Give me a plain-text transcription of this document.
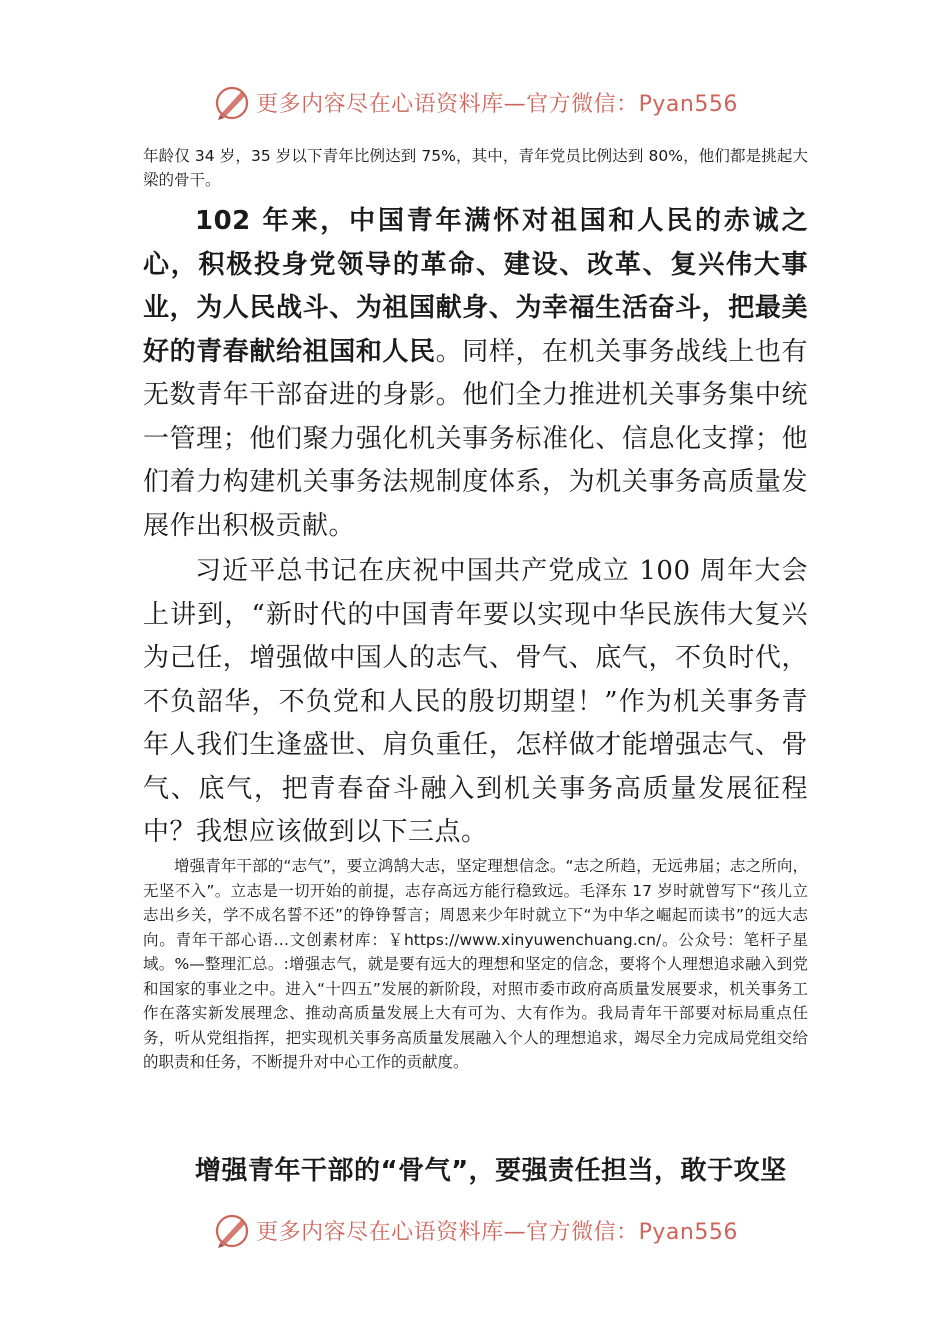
更多内容尽在心语资料库—官方微信：Pyan556

年龄仅 34 岁，35 岁以下青年比例达到 75%，其中，青年党员比例达到 80%，他们都是挑起大梁的骨干。

102 年来，中国青年满怀对祖国和人民的赤诚之心，积极投身党领导的革命、建设、改革、复兴伟大事业，为人民战斗、为祖国献身、为幸福生活奋斗，把最美好的青春献给祖国和人民。同样，在机关事务战线上也有无数青年干部奋进的身影。他们全力推进机关事务集中统一管理；他们聚力强化机关事务标准化、信息化支撑；他们着力构建机关事务法规制度体系，为机关事务高质量发展作出积极贡献。

习近平总书记在庆祝中国共产党成立 100 周年大会上讲到，“新时代的中国青年要以实现中华民族伟大复兴为己任，增强做中国人的志气、骨气、底气，不负时代，不负韶华，不负党和人民的殷切期望！”作为机关事务青年人我们生逢盛世、肩负重任，怎样做才能增强志气、骨气、底气，把青春奋斗融入到机关事务高质量发展征程中？我想应该做到以下三点。

增强青年干部的“志气”，要立鸿鹄大志，坚定理想信念。“志之所趋，无远弗届；志之所向，无坚不入”。立志是一切开始的前提，志存高远方能行稳致远。毛泽东 17 岁时就曾写下“孩儿立志出乡关，学不成名誓不还”的铮铮誓言；周恩来少年时就立下“为中华之崛起而读书”的远大志向。青年干部心语…文创素材库：￥https://www.xinyuwenchuang.cn/。公众号：笔杆子星域。%—整理汇总。:增强志气，就是要有远大的理想和坚定的信念，要将个人理想追求融入到党和国家的事业之中。进入“十四五”发展的新阶段，对照市委市政府高质量发展要求，机关事务工作在落实新发展理念、推动高质量发展上大有可为、大有作为。我局青年干部要对标局重点任务，听从党组指挥，把实现机关事务高质量发展融入个人的理想追求，竭尽全力完成局党组交给的职责和任务，不断提升对中心工作的贡献度。

增强青年干部的“骨气”，要强责任担当，敢于攻坚

更多内容尽在心语资料库—官方微信：Pyan556
